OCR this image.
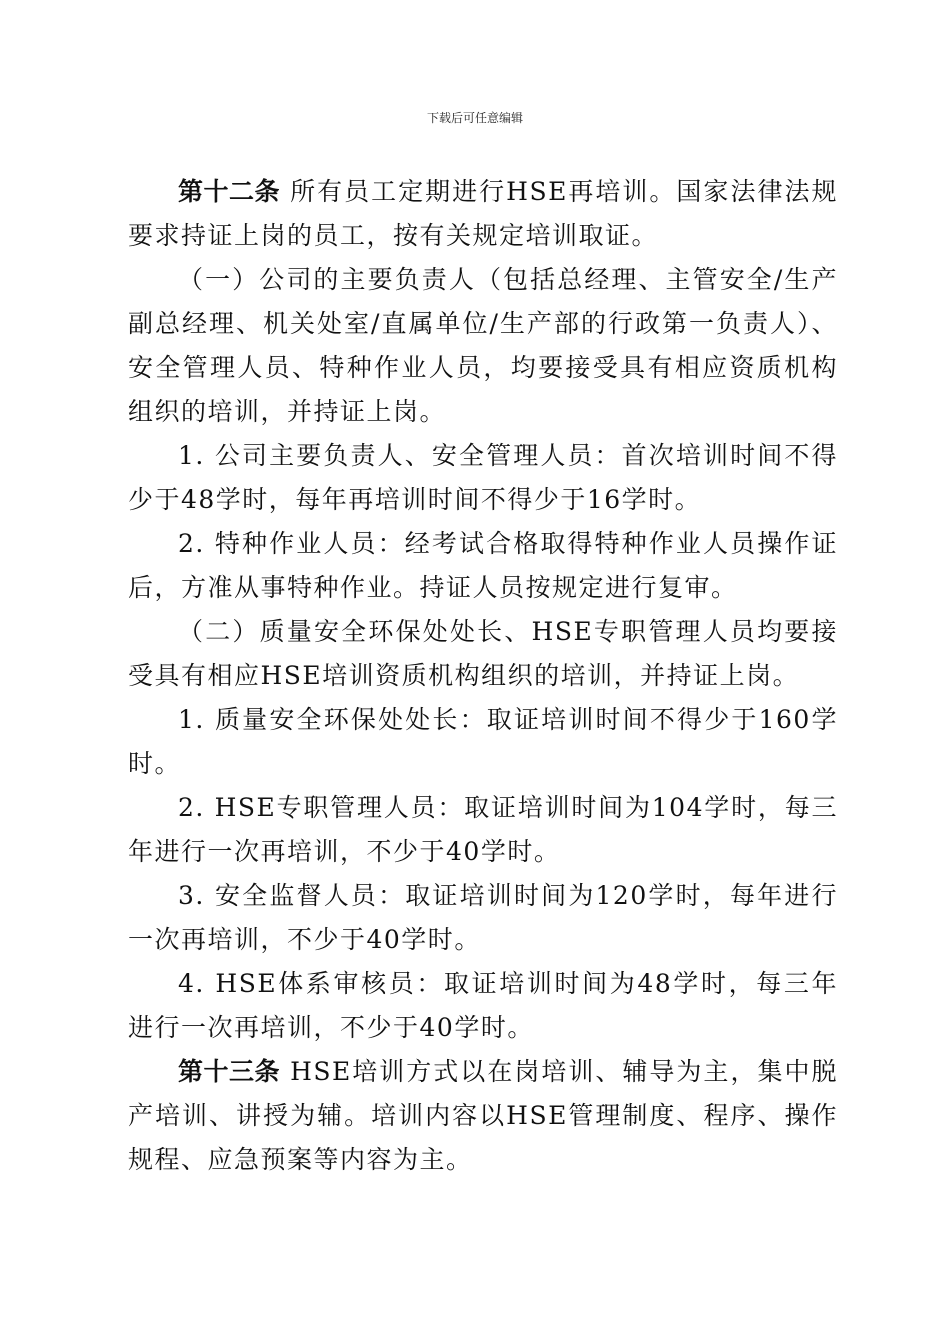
下载后可任意编辑

第十二条 所有员工定期进行HSE再培训。国家法律法规要求持证上岗的员工，按有关规定培训取证。

（一）公司的主要负责人（包括总经理、主管安全/生产副总经理、机关处室/直属单位/生产部的行政第一负责人）、安全管理人员、特种作业人员，均要接受具有相应资质机构组织的培训，并持证上岗。

1. 公司主要负责人、安全管理人员：首次培训时间不得少于48学时，每年再培训时间不得少于16学时。

2. 特种作业人员：经考试合格取得特种作业人员操作证后，方准从事特种作业。持证人员按规定进行复审。

（二）质量安全环保处处长、HSE专职管理人员均要接受具有相应HSE培训资质机构组织的培训，并持证上岗。

1. 质量安全环保处处长：取证培训时间不得少于160学时。

2. HSE专职管理人员：取证培训时间为104学时，每三年进行一次再培训，不少于40学时。

3. 安全监督人员：取证培训时间为120学时，每年进行一次再培训，不少于40学时。

4. HSE体系审核员：取证培训时间为48学时，每三年进行一次再培训，不少于40学时。

第十三条 HSE培训方式以在岗培训、辅导为主，集中脱产培训、讲授为辅。培训内容以HSE管理制度、程序、操作规程、应急预案等内容为主。
